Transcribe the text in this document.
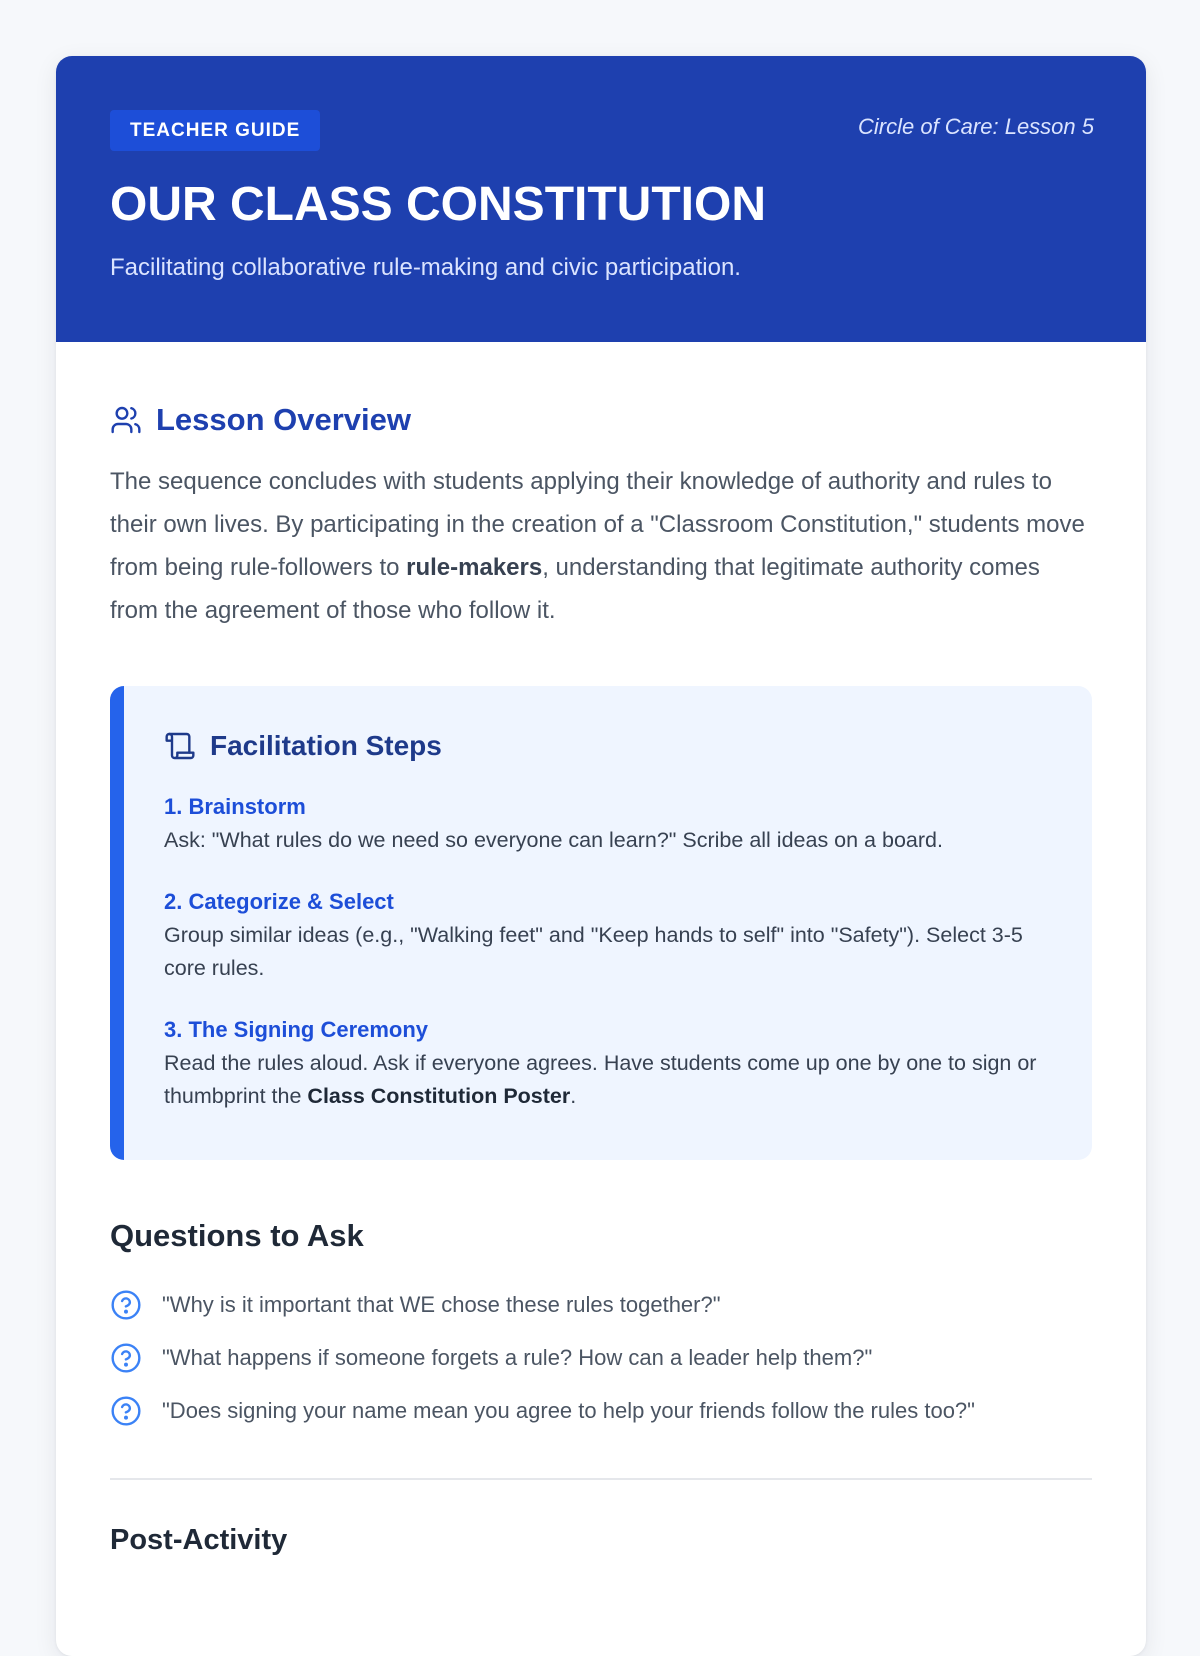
TEACHER GUIDE	Circle of Care: Lesson 5
OUR CLASS CONSTITUTION

Facilitating collaborative rule-making and civic participation.

Lesson Overview

The sequence concludes with students applying their knowledge of authority and rules to their own lives. By participating in the creation of a "Classroom Constitution," students move from being rule-followers to rule-makers, understanding that legitimate authority comes from the agreement of those who follow it.

Facilitation Steps
1. Brainstorm
Ask: "What rules do we need so everyone can learn?" Scribe all ideas on a board.
2. Categorize & Select
Group similar ideas (e.g., "Walking feet" and "Keep hands to self" into "Safety"). Select 3-5 core rules.
3. The Signing Ceremony
Read the rules aloud. Ask if everyone agrees. Have students come up one by one to sign or thumbprint the Class Constitution Poster.
Questions to Ask
"Why is it important that WE chose these rules together?"
"What happens if someone forgets a rule? How can a leader help them?"
"Does signing your name mean you agree to help your friends follow the rules too?"
Post-Activity
